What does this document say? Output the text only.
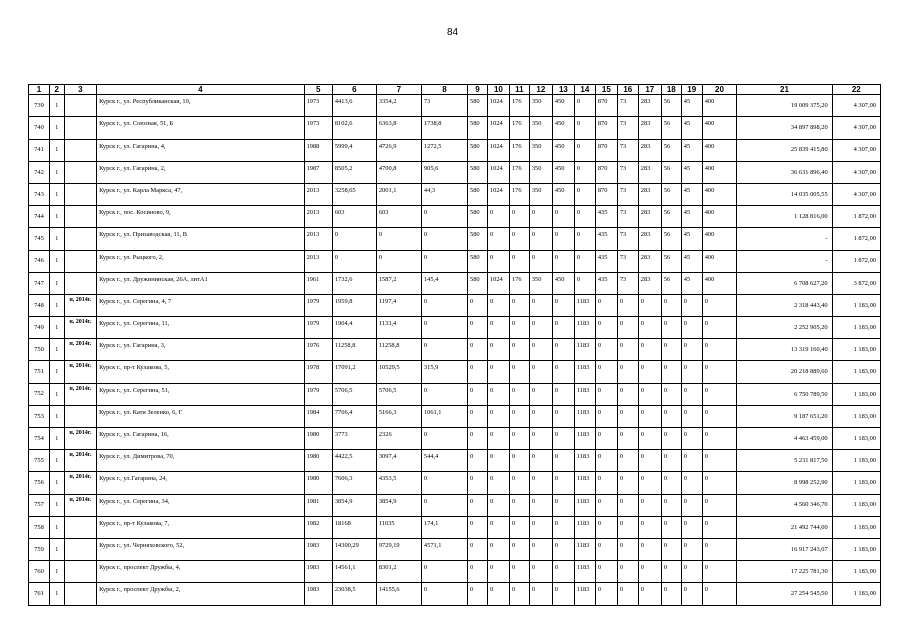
84
1	2	3	4	5	6	7	8	9	10	11	12	13	14	15	16	17	18	19	20	21	22
739	1		Курск г., ул. Республиканская, 10,	1973	4413,6	3354,2	73	580	1024	176	350	450	0	870	73	283	56	45	400	19 009 375,20	4 307,00
740	1		Курск г., ул. Союзная, 51, Б	1973	8102,6	6363,8	1738,8	580	1024	176	350	450	0	870	73	283	56	45	400	34 897 898,20	4 307,00
741	1		Курск г., ул. Гагарина, 4,	1988	5999,4	4726,9	1272,5	580	1024	176	350	450	0	870	73	283	56	45	400	25 839 415,80	4 307,00
742	1		Курск г., ул. Гагарина, 2,	1987	8505,2	4700,8	905,6	580	1024	176	350	450	0	870	73	283	56	45	400	36 631 896,40	4 307,00
743	1		Курск г., ул. Карла Маркса, 47,	2013	3258,65	2001,1	44,3	580	1024	176	350	450	0	870	73	283	56	45	400	14 035 005,55	4 307,00
744	1		Курск г., пос. Косиново, 9,	2013	603	603	0	580	0	0	0	0	0	435	73	283	56	45	400	1 128 816,00	1 872,00
745	1		Курск г., ул. Призаводская, 11, В	2013	0	0	0	580	0	0	0	0	0	435	73	283	56	45	400	-	1 872,00
746	1		Курск г., ул. Рыцкого, 2,	2013	0	0	0	580	0	0	0	0	0	435	73	283	56	45	400	-	1 872,00
747	1		Курск г., ул. Дружининская, 26А, литА1	1961	1732,6	1587,2	145,4	580	1024	176	350	450	0	435	73	283	56	45	400	6 708 627,20	3 872,00
748	1	н, 2014г.	Курск г., ул. Серегина, 4, 7	1979	1959,8	1197,4	0	0	0	0	0	0	1183	0	0	0	0	0	0	2 318 443,40	1 183,00
749	1	н, 2014г.	Курск г., ул. Серегина, 11,	1979	1904,4	1133,4	0	0	0	0	0	0	1183	0	0	0	0	0	0	2 252 905,20	1 183,00
750	1	н, 2014г.	Курск г., ул. Гагарина, 3,	1976	11258,8	11258,8	0	0	0	0	0	0	1183	0	0	0	0	0	0	13 319 160,40	1 183,00
751	1	н, 2014г.	Курск г., пр-т Кулакова, 5,	1978	17091,2	10529,5	315,9	0	0	0	0	0	1183	0	0	0	0	0	0	20 218 889,60	1 183,00
752	1	н, 2014г.	Курск г., ул. Серегина, 51,	1979	5706,5	5706,5	0	0	0	0	0	0	1183	0	0	0	0	0	0	6 750 789,50	1 183,00
753	1		Курск г., ул. Кати Зеленко, 6, Г	1984	7766,4	5166,3	1061,1	0	0	0	0	0	1183	0	0	0	0	0	0	9 187 651,20	1 183,00
754	1	н, 2014г.	Курск г., ул. Гагарина, 16,	1980	3773	2326	0	0	0	0	0	0	1183	0	0	0	0	0	0	4 463 459,00	1 183,00
755	1	н, 2014г.	Курск г., ул. Димитрова, 70,	1980	4422,5	3097,4	544,4	0	0	0	0	0	1183	0	0	0	0	0	0	5 231 817,50	1 183,00
756	1	н, 2014г.	Курск г., ул.Гагарина, 24,	1980	7606,3	4353,5	0	0	0	0	0	0	1183	0	0	0	0	0	0	8 998 252,90	1 183,00
757	1	н, 2014г.	Курск г., ул. Серегина, 34,	1981	3854,9	3854,9	0	0	0	0	0	0	1183	0	0	0	0	0	0	4 560 346,70	1 183,00
758	1		Курск г., пр-т Кулакова, 7,	1982	18168	11035	174,1	0	0	0	0	0	1183	0	0	0	0	0	0	21 492 744,00	1 183,00
759	1		Курск г., ул. Черняховского, 52,	1983	14300,29	9729,19	4571,1	0	0	0	0	0	1183	0	0	0	0	0	0	16 917 243,07	1 183,00
760	1		Курск г., проспект Дружбы, 4,	1983	14561,1	8301,2	0	0	0	0	0	0	1183	0	0	0	0	0	0	17 225 781,30	1 183,00
761	1		Курск г., проспект Дружбы, 2,	1983	23038,5	14155,6	0	0	0	0	0	0	1183	0	0	0	0	0	0	27 254 545,50	1 183,00
